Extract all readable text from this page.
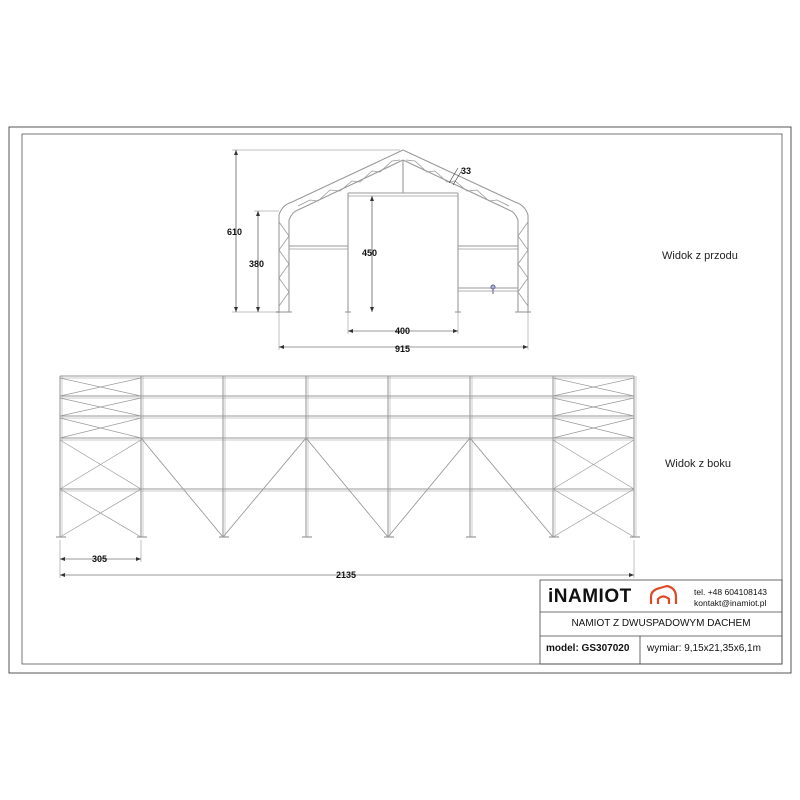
610
380
450
33
400
915
305
2135
Widok z przodu
Widok z boku
iNAMIOT	tel. +48 604108143
kontakt@inamiot.pl
NAMIOT Z DWUSPADOWYM DACHEM
model: GS307020 wymiar: 9,15x21,35x6,1m
